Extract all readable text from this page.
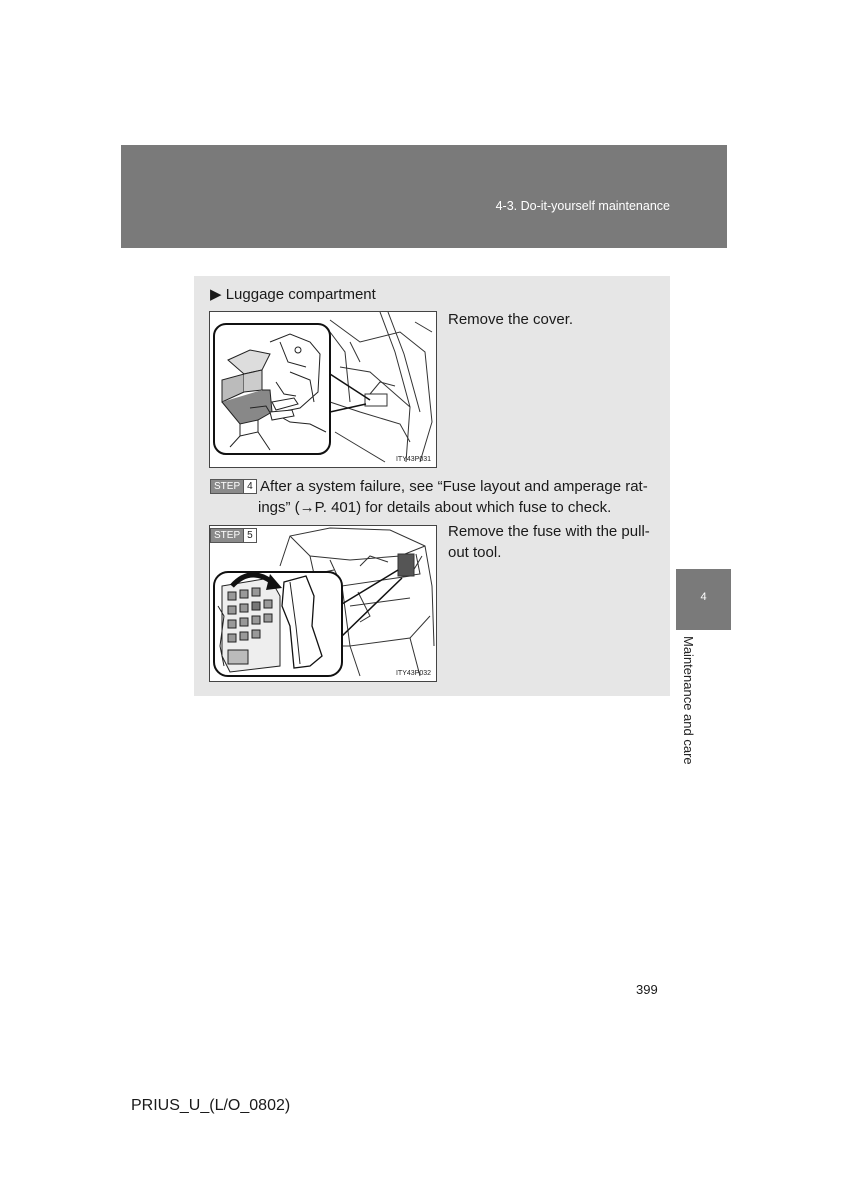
4-3. Do-it-yourself maintenance
▶ Luggage compartment
ITY43P031
Remove the cover.
STEP 4 After a system failure, see “Fuse layout and amperage rat-
ings” (→P. 401) for details about which fuse to check.
ITY43P032
STEP 5	Remove the fuse with the pull-out tool.
4
Maintenance and care
399
PRIUS_U_(L/O_0802)
